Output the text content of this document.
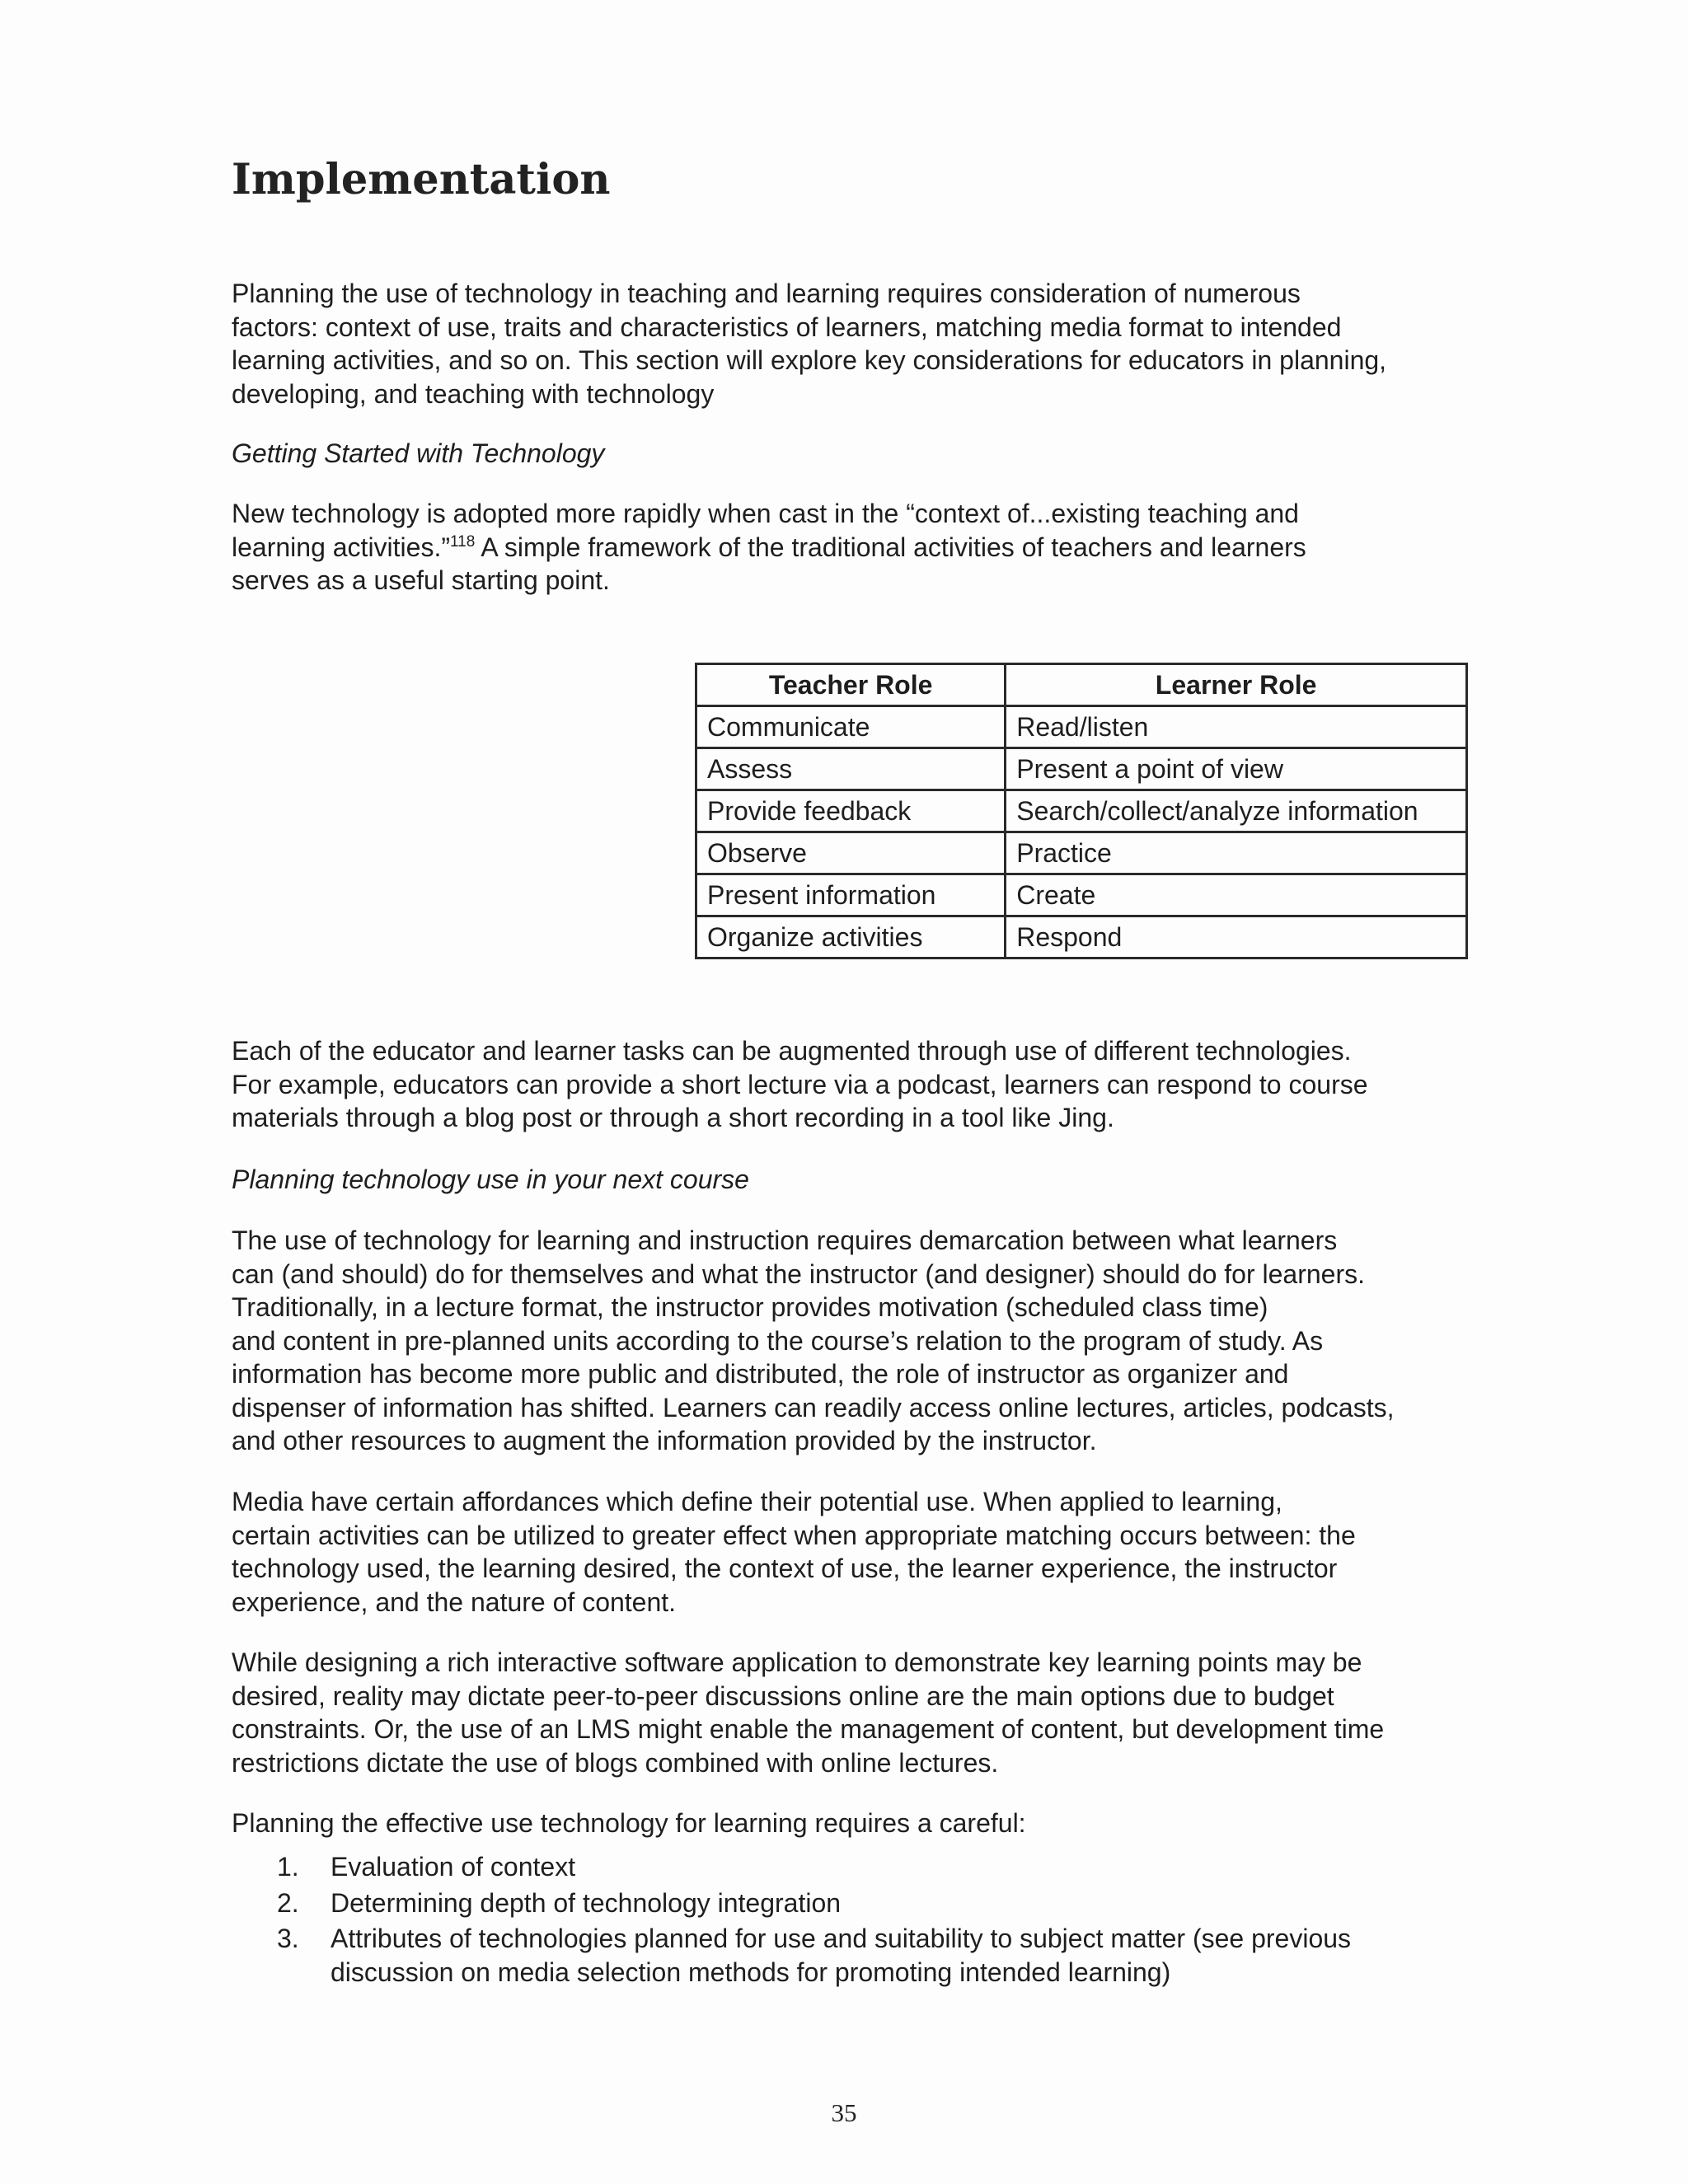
Implementation

Planning the use of technology in teaching and learning requires consideration of numerous
factors: context of use, traits and characteristics of learners, matching media format to intended
learning activities, and so on. This section will explore key considerations for educators in planning,
developing, and teaching with technology

Getting Started with Technology

New technology is adopted more rapidly when cast in the “context of...existing teaching and
learning activities.”$^{118}$ A simple framework of the traditional activities of teachers and learners
serves as a useful starting point.

Teacher Role	Learner Role
Communicate	Read/listen
Assess	Present a point of view
Provide feedback	Search/collect/analyze information
Observe	Practice
Present information	Create
Organize activities	Respond

Each of the educator and learner tasks can be augmented through use of different technologies.
For example, educators can provide a short lecture via a podcast, learners can respond to course
materials through a blog post or through a short recording in a tool like Jing.

Planning technology use in your next course

The use of technology for learning and instruction requires demarcation between what learners
can (and should) do for themselves and what the instructor (and designer) should do for learners.
Traditionally, in a lecture format, the instructor provides motivation (scheduled class time)
and content in pre-planned units according to the course’s relation to the program of study. As
information has become more public and distributed, the role of instructor as organizer and
dispenser of information has shifted. Learners can readily access online lectures, articles, podcasts,
and other resources to augment the information provided by the instructor.

Media have certain affordances which define their potential use. When applied to learning,
certain activities can be utilized to greater effect when appropriate matching occurs between: the
technology used, the learning desired, the context of use, the learner experience, the instructor
experience, and the nature of content.

While designing a rich interactive software application to demonstrate key learning points may be
desired, reality may dictate peer-to-peer discussions online are the main options due to budget
constraints. Or, the use of an LMS might enable the management of content, but development time
restrictions dictate the use of blogs combined with online lectures.

Planning the effective use technology for learning requires a careful:

1.	Evaluation of context
2.	Determining depth of technology integration
3.	Attributes of technologies planned for use and suitability to subject matter (see previous
discussion on media selection methods for promoting intended learning)
35
